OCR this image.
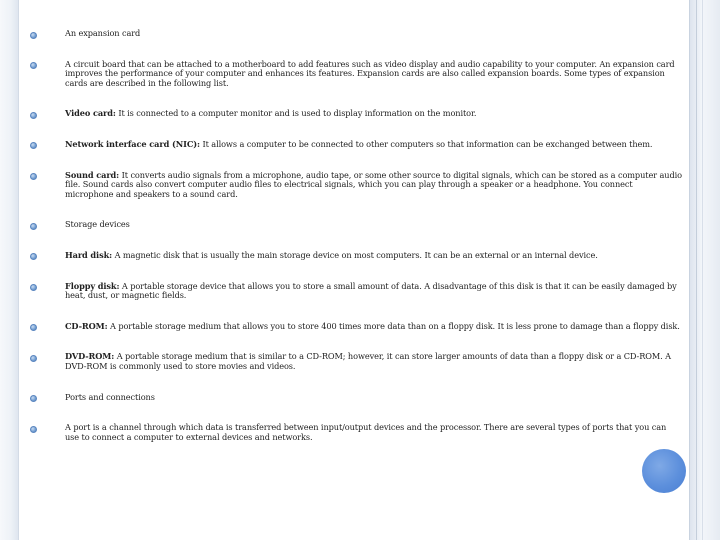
An expansion card
A circuit board that can be attached to a motherboard to add features such as video display and audio capability to your computer. An expansion card improves the performance of your computer and enhances its features. Expansion cards are also called expansion boards. Some types of expansion cards are described in the following list.
Video card: It is connected to a computer monitor and is used to display information on the monitor.
Network interface card (NIC): It allows a computer to be connected to other computers so that information can be exchanged between them.
Sound card: It converts audio signals from a microphone, audio tape, or some other source to digital signals, which can be stored as a computer audio file. Sound cards also convert computer audio files to electrical signals, which you can play through a speaker or a headphone. You connect microphone and speakers to a sound card.
Storage devices
Hard disk: A magnetic disk that is usually the main storage device on most computers. It can be an external or an internal device.
Floppy disk: A portable storage device that allows you to store a small amount of data. A disadvantage of this disk is that it can be easily damaged by heat, dust, or magnetic fields.
CD-ROM: A portable storage medium that allows you to store 400 times more data than on a floppy disk. It is less prone to damage than a floppy disk.
DVD-ROM: A portable storage medium that is similar to a CD-ROM; however, it can store larger amounts of data than a floppy disk or a CD-ROM. A DVD-ROM is commonly used to store movies and videos.
Ports and connections
A port is a channel through which data is transferred between input/output devices and the processor. There are several types of ports that you can use to connect a computer to external devices and networks.
